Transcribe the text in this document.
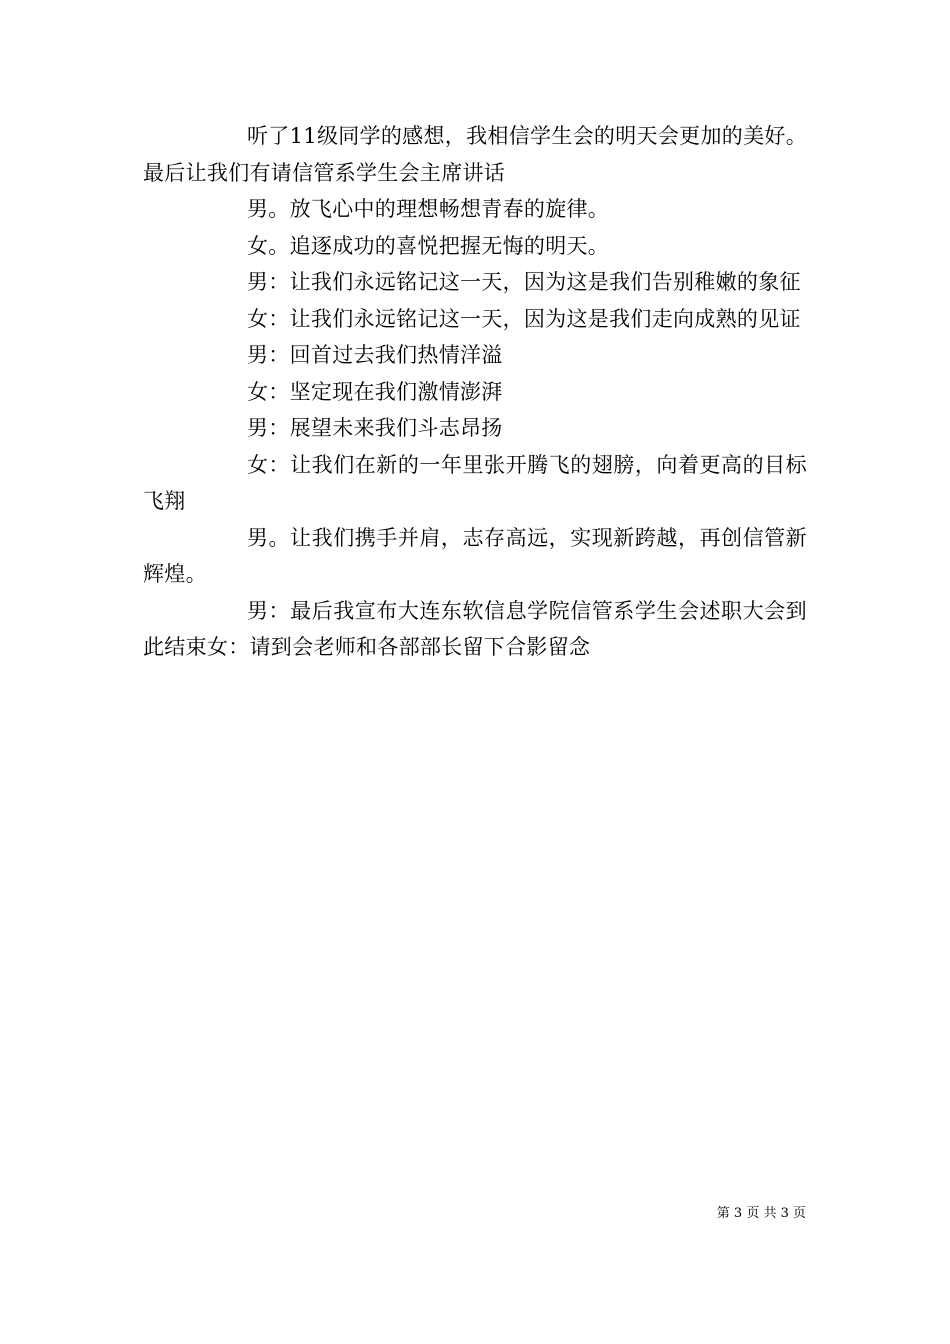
听了11级同学的感想，我相信学生会的明天会更加的美好。最后让我们有请信管系学生会主席讲话

男。放飞心中的理想畅想青春的旋律。

女。追逐成功的喜悦把握无悔的明天。

男：让我们永远铭记这一天，因为这是我们告别稚嫩的象征

女：让我们永远铭记这一天，因为这是我们走向成熟的见证

男：回首过去我们热情洋溢

女：坚定现在我们激情澎湃

男：展望未来我们斗志昂扬

女：让我们在新的一年里张开腾飞的翅膀，向着更高的目标飞翔

男。让我们携手并肩，志存高远，实现新跨越，再创信管新辉煌。

男：最后我宣布大连东软信息学院信管系学生会述职大会到此结束女：请到会老师和各部部长留下合影留念

第 3 页 共 3 页
